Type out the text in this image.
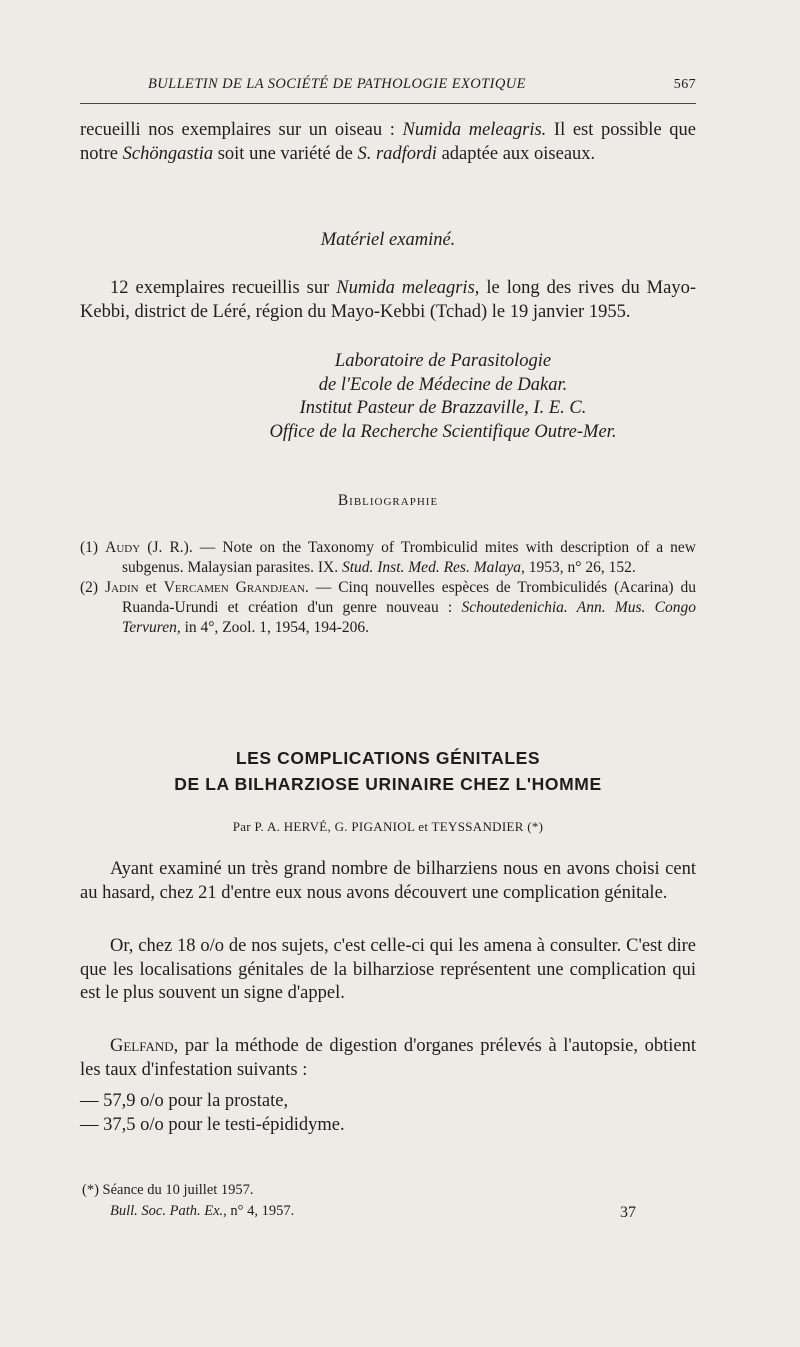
BULLETIN DE LA SOCIÉTÉ DE PATHOLOGIE EXOTIQUE	567

recueilli nos exemplaires sur un oiseau : Numida meleagris. Il est possible que notre Schöngastia soit une variété de S. radfordi adaptée aux oiseaux.

Matériel examiné.

12 exemplaires recueillis sur Numida meleagris, le long des rives du Mayo-Kebbi, district de Léré, région du Mayo-Kebbi (Tchad) le 19 janvier 1955.

Laboratoire de Parasitologie
de l'Ecole de Médecine de Dakar.
Institut Pasteur de Brazzaville, I. E. C.
Office de la Recherche Scientifique Outre-Mer.
Bibliographie

(1) Audy (J. R.). — Note on the Taxonomy of Trombiculid mites with description of a new subgenus. Malaysian parasites. IX. Stud. Inst. Med. Res. Malaya, 1953, n° 26, 152.

(2) Jadin et Vercamen Grandjean. — Cinq nouvelles espèces de Trombiculidés (Acarina) du Ruanda-Urundi et création d'un genre nouveau : Schoutedenichia. Ann. Mus. Congo Tervuren, in 4°, Zool. 1, 1954, 194-206.

LES COMPLICATIONS GÉNITALES
DE LA BILHARZIOSE URINAIRE CHEZ L'HOMME
Par P. A. HERVÉ, G. PIGANIOL et TEYSSANDIER (*)

Ayant examiné un très grand nombre de bilharziens nous en avons choisi cent au hasard, chez 21 d'entre eux nous avons découvert une complication génitale.

Or, chez 18 o/o de nos sujets, c'est celle-ci qui les amena à consulter. C'est dire que les localisations génitales de la bilharziose représentent une complication qui est le plus souvent un signe d'appel.

Gelfand, par la méthode de digestion d'organes prélevés à l'autopsie, obtient les taux d'infestation suivants :

— 57,9 o/o pour la prostate,
— 37,5 o/o pour le testi-épididyme.
(*) Séance du 10 juillet 1957.
Bull. Soc. Path. Ex., n° 4, 1957.	37
